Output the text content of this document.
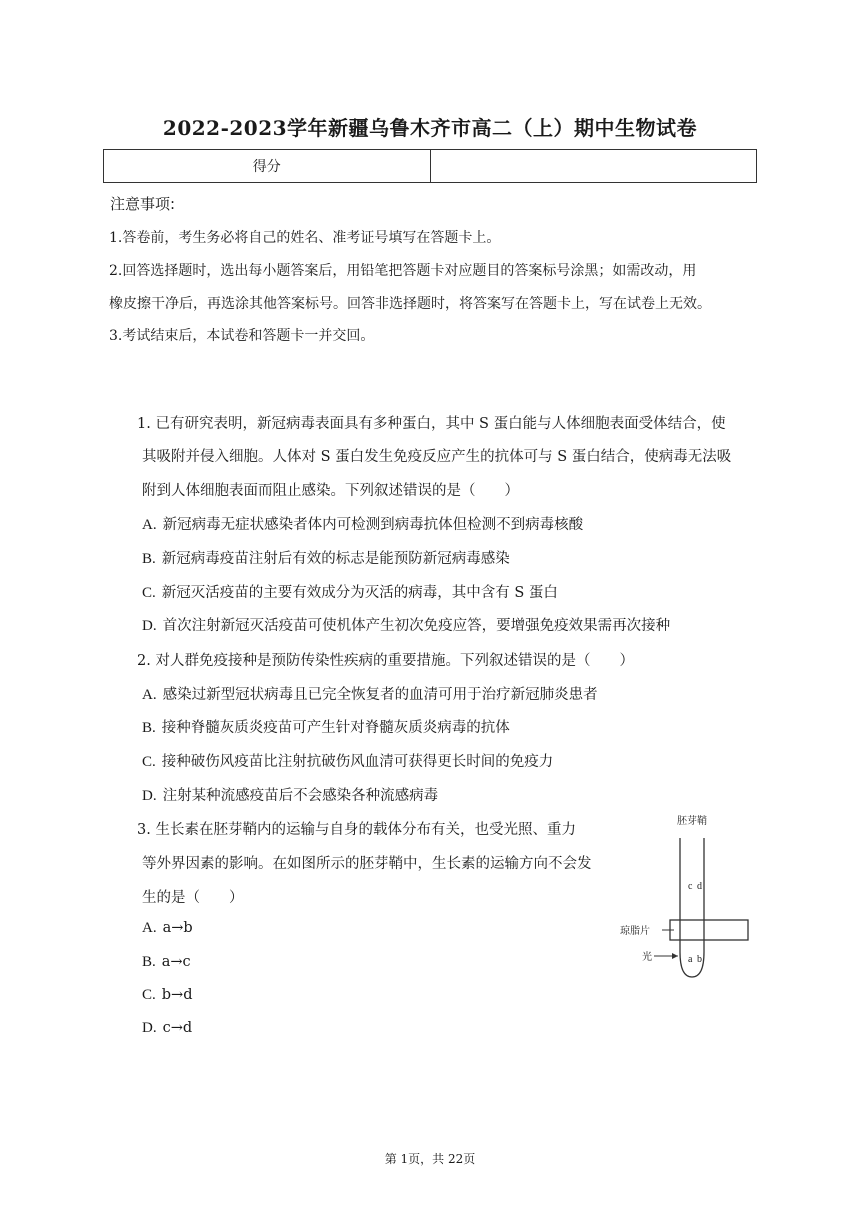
2022-2023学年新疆乌鲁木齐市高二（上）期中生物试卷
得分	
注意事项:
1.答卷前，考生务必将自己的姓名、准考证号填写在答题卡上。
2.回答选择题时，选出每小题答案后，用铅笔把答题卡对应题目的答案标号涂黑；如需改动，用
橡皮擦干净后，再选涂其他答案标号。回答非选择题时，将答案写在答题卡上，写在试卷上无效。
3.考试结束后，本试卷和答题卡一并交回。
1. 已有研究表明，新冠病毒表面具有多种蛋白，其中 S 蛋白能与人体细胞表面受体结合，使
其吸附并侵入细胞。人体对 S 蛋白发生免疫反应产生的抗体可与 S 蛋白结合，使病毒无法吸
附到人体细胞表面而阻止感染。下列叙述错误的是（　　）
A. 新冠病毒无症状感染者体内可检测到病毒抗体但检测不到病毒核酸
B. 新冠病毒疫苗注射后有效的标志是能预防新冠病毒感染
C. 新冠灭活疫苗的主要有效成分为灭活的病毒，其中含有 S 蛋白
D. 首次注射新冠灭活疫苗可使机体产生初次免疫应答，要增强免疫效果需再次接种
2. 对人群免疫接种是预防传染性疾病的重要措施。下列叙述错误的是（　　）
A. 感染过新型冠状病毒且已完全恢复者的血清可用于治疗新冠肺炎患者
B. 接种脊髓灰质炎疫苗可产生针对脊髓灰质炎病毒的抗体
C. 接种破伤风疫苗比注射抗破伤风血清可获得更长时间的免疫力
D. 注射某种流感疫苗后不会感染各种流感病毒
3. 生长素在胚芽鞘内的运输与自身的载体分布有关，也受光照、重力
等外界因素的影响。在如图所示的胚芽鞘中，生长素的运输方向不会发
生的是（　　）
A. a→b
B. a→c
C. b→d
D. c→d
胚芽鞘
c d
a b
琼脂片
光
第 1页，共 22页
